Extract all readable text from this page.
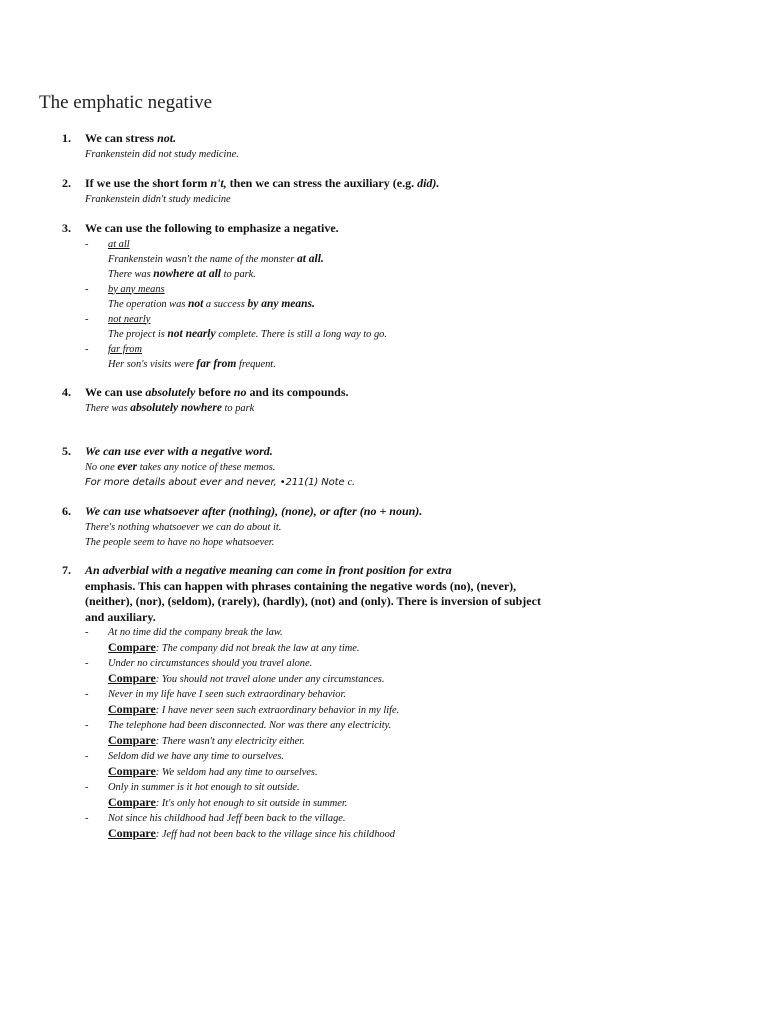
The emphatic negative
1. We can stress not.
Frankenstein did not study medicine.
2. If we use the short form n't, then we can stress the auxiliary (e.g. did).
Frankenstein didn't study medicine
3. We can use the following to emphasize a negative.
- at all
Frankenstein wasn't the name of the monster at all.
There was nowhere at all to park.
- by any means
The operation was not a success by any means.
- not nearly
The project is not nearly complete. There is still a long way to go.
- far from
Her son's visits were far from frequent.
4. We can use absolutely before no and its compounds.
There was absolutely nowhere to park
5. We can use ever with a negative word.
No one ever takes any notice of these memos.
For more details about ever and never, •211(1) Note c.
6. We can use whatsoever after (nothing), (none), or after (no + noun).
There's nothing whatsoever we can do about it.
The people seem to have no hope whatsoever.
7. An adverbial with a negative meaning can come in front position for extra
emphasis. This can happen with phrases containing the negative words (no), (never),
(neither), (nor), (seldom), (rarely), (hardly), (not) and (only). There is inversion of subject
and auxiliary.
- At no time did the company break the law.
Compare: The company did not break the law at any time.
- Under no circumstances should you travel alone.
Compare: You should not travel alone under any circumstances.
- Never in my life have I seen such extraordinary behavior.
Compare: I have never seen such extraordinary behavior in my life.
- The telephone had been disconnected. Nor was there any electricity.
Compare: There wasn't any electricity either.
- Seldom did we have any time to ourselves.
Compare: We seldom had any time to ourselves.
- Only in summer is it hot enough to sit outside.
Compare: It's only hot enough to sit outside in summer.
- Not since his childhood had Jeff been back to the village.
Compare: Jeff had not been back to the village since his childhood
